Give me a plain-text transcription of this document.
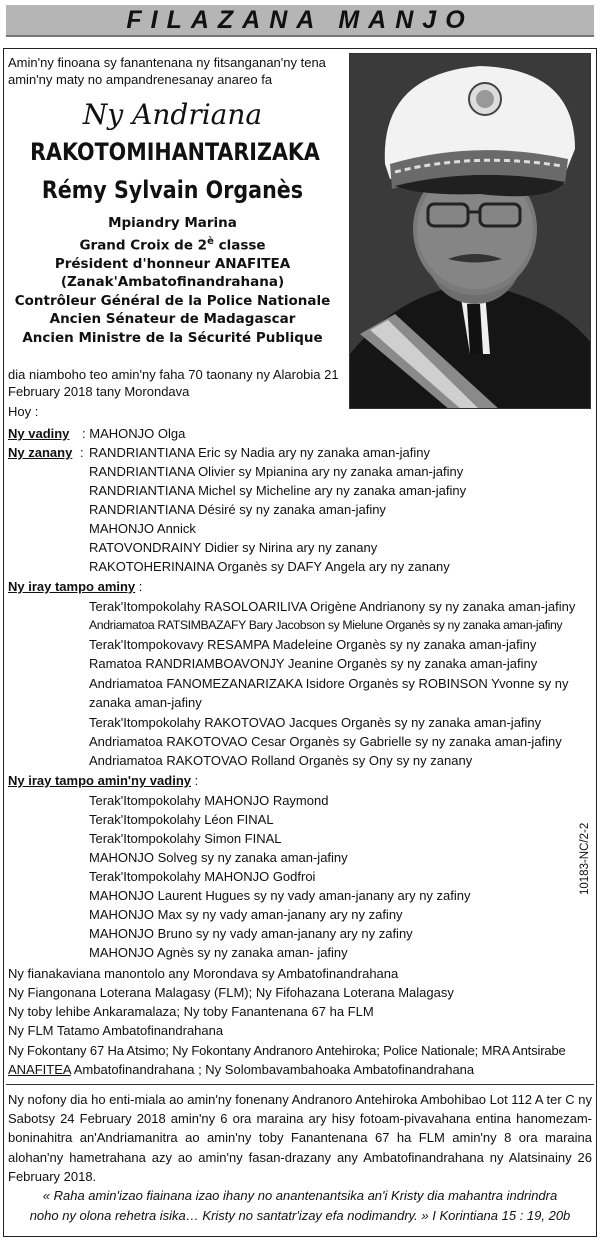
FILAZANA MANJO
Amin'ny finoana sy fanantenana ny fitsanganan'ny tena amin'ny maty no ampandrenesanay anareo fa
Ny Andriana
RAKOTOMIHANTARIZAKA
Rémy Sylvain Organès
Mpiandry Marina
Grand Croix de $2^è$ classe
Président d'honneur ANAFITEA
(Zanak'Ambatofinandrahana)
Contrôleur Général de la Police Nationale
Ancien Sénateur de Madagascar
Ancien Ministre de la Sécurité Publique
dia niamboho teo amin'ny faha 70 taonany ny Alarobia 21 February 2018 tany Morondava
Hoy :
Ny vadiny : MAHONJO Olga
Ny zanany : RANDRIANTIANA Eric sy Nadia ary ny zanaka aman-jafiny
RANDRIANTIANA Olivier sy Mpianina ary ny zanaka aman-jafiny
RANDRIANTIANA Michel sy Micheline ary ny zanaka aman-jafiny
RANDRIANTIANA Désiré sy ny zanaka aman-jafiny
MAHONJO Annick
RATOVONDRAINY Didier sy Nirina ary ny zanany
RAKOTOHERINAINA Organès sy DAFY Angela ary ny zanany
Ny iray tampo aminy :
Terak'Itompokolahy RASOLOARILIVA Origène Andrianony sy ny zanaka aman-jafiny
Andriamatoa RATSIMBAZAFY Bary Jacobson sy Mielune Organès sy ny zanaka aman-jafiny
Terak'Itompokovavy RESAMPA Madeleine Organès sy ny zanaka aman-jafiny
Ramatoa RANDRIAMBOAVONJY Jeanine Organès sy ny zanaka aman-jafiny
Andriamatoa FANOMEZANARIZAKA Isidore Organès sy ROBINSON Yvonne sy ny zanaka aman-jafiny
Terak'Itompokolahy RAKOTOVAO Jacques Organès sy ny zanaka aman-jafiny
Andriamatoa RAKOTOVAO Cesar Organès sy Gabrielle sy ny zanaka aman-jafiny
Andriamatoa RAKOTOVAO Rolland Organès sy Ony sy ny zanany
Ny iray tampo amin'ny vadiny :
Terak'Itompokolahy MAHONJO Raymond
Terak'Itompokolahy Léon FINAL
Terak'Itompokolahy Simon FINAL
MAHONJO Solveg sy ny zanaka aman-jafiny
Terak'Itompokolahy MAHONJO Godfroi
MAHONJO Laurent Hugues sy ny vady aman-janany ary ny zafiny
MAHONJO Max sy ny vady aman-janany ary ny zafiny
MAHONJO Bruno sy ny vady aman-janany ary ny zafiny
MAHONJO Agnès sy ny zanaka aman- jafiny
10183-NC/2-2
Ny fianakaviana manontolo any Morondava sy Ambatofinandrahana
Ny Fiangonana Loterana Malagasy (FLM); Ny Fifohazana Loterana Malagasy
Ny toby lehibe Ankaramalaza; Ny toby Fanantenana 67 ha FLM
Ny FLM Tatamo Ambatofinandrahana
Ny Fokontany 67 Ha Atsimo; Ny Fokontany Andranoro Antehiroka; Police Nationale; MRA Antsirabe
ANAFITEA Ambatofinandrahana ; Ny Solombavambahoaka Ambatofinandrahana
Ny nofony dia ho enti-miala ao amin'ny fonenany Andranoro Antehiroka Ambohibao Lot 112 A ter C ny Sabotsy 24 February 2018 amin'ny 6 ora maraina ary hisy fotoam-pivavahana entina hanomezam-boninahitra an'Andriamanitra ao amin'ny toby Fanantenana 67 ha FLM amin'ny 8 ora maraina alohan'ny hametrahana azy ao amin'ny fasan-drazany any Ambatofinandrahana ny Alatsinainy 26 February 2018.
« Raha amin'izao fiainana izao ihany no anantenantsika an'i Kristy dia mahantra indrindra
noho ny olona rehetra isika… Kristy no santatr'izay efa nodimandry. » I Korintiana 15 : 19, 20b
